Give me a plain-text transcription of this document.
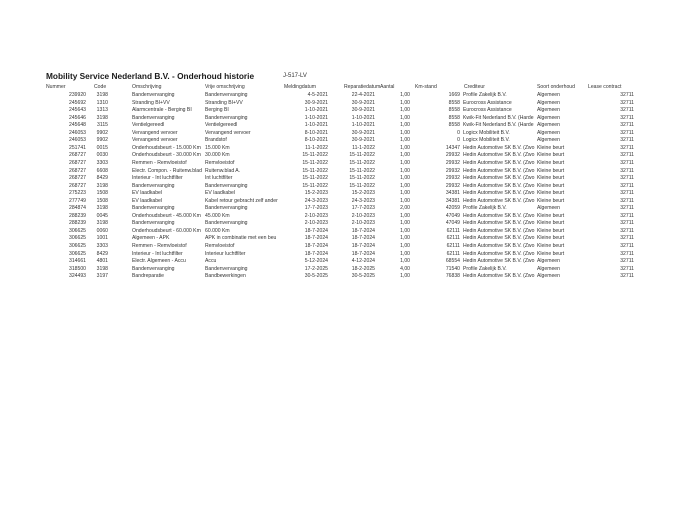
Mobility Service Nederland B.V. - Onderhoud historie	J-517-LV
Nummer	Code	Omschrijving	Vrije omschrijving	Meldingdatum	Reparatiedatum Aantal	Km-stand	Crediteur	Soort onderhoud	Lease contract
239920	3198	Bandenvervanging	Bandenvervanging	4-5-2021	22-4-2021	1,00	1669 Profile Zakelijk B.V.	Algemeen	32711
245692	1310	Stranding BI+VV	Stranding BI+VV	30-9-2021	30-9-2021	1,00	8558 Eurocross Assistance	Algemeen	32711
245643	1313	Alarmcentrale - Berging BI	Berging BI	1-10-2021	30-9-2021	1,00	8558 Eurocross Assistance	Algemeen	32711
245646	3198	Bandenvervanging	Bandenvervanging	1-10-2021	1-10-2021	1,00	8558 Kwik-Fit Nederland B.V. (Harde Algemeen	32711
245648	3115	Ventielgereedl	Ventielgereedl	1-10-2021	1-10-2021	1,00	8558 Kwik-Fit Nederland B.V. (Harde Algemeen	32711
246053	9902	Vervangend vervoer	Vervangend vervoer	8-10-2021	30-9-2021	1,00	0 Logicx Mobiliteit B.V.	Algemeen	32711
246053	9902	Vervangend vervoer	Brandstof	8-10-2021	30-9-2021	1,00	0 Logicx Mobiliteit B.V.	Algemeen	32711
251741	0015	Onderhoudsbeurt - 15.000 Km 15.000 Km	11-1-2022	11-1-2022	1,00	14347 Hedin Automotive SK B.V. (Zwo Kleine beurt	32711
268727	0030	Onderhoudsbeurt - 30.000 Km 30.000 Km	15-11-2022	15-11-2022	1,00	29932 Hedin Automotive SK B.V. (Zwo Kleine beurt	32711
268727	3303	Remmen - Remvloeistof	Remvloeistof	15-11-2022	15-11-2022	1,00	29932 Hedin Automotive SK B.V. (Zwo Kleine beurt	32711
268727	6608	Electr. Compon. - Ruitenw.blad Ruitenw.blad A.	15-11-2022	15-11-2022	1,00	29932 Hedin Automotive SK B.V. (Zwo Kleine beurt	32711
268727	8429	Interieur - Int luchtfilter	Int luchtfilter	15-11-2022	15-11-2022	1,00	29932 Hedin Automotive SK B.V. (Zwo Kleine beurt	32711
268727	3198	Bandenvervanging	Bandenvervanging	15-11-2022	15-11-2022	1,00	29932 Hedin Automotive SK B.V. (Zwo Kleine beurt	32711
275223	1508	EV laadkabel	EV laadkabel	15-2-2023	15-2-2023	1,00	34381 Hedin Automotive SK B.V. (Zwo Kleine beurt	32711
277749	1508	EV laadkabel	Kabel retour gebracht zelf ander	24-3-2023	24-3-2023	1,00	34381 Hedin Automotive SK B.V. (Zwo Kleine beurt	32711
284874	3198	Bandenvervanging	Bandenvervanging	17-7-2023	17-7-2023	2,00	42059 Profile Zakelijk B.V.	Algemeen	32711
288239	0045	Onderhoudsbeurt - 45.000 Km 45.000 Km	2-10-2023	2-10-2023	1,00	47049 Hedin Automotive SK B.V. (Zwo Kleine beurt	32711
288239	3198	Bandenvervanging	Bandenvervanging	2-10-2023	2-10-2023	1,00	47049 Hedin Automotive SK B.V. (Zwo Kleine beurt	32711
306625	0060	Onderhoudsbeurt - 60.000 Km 60.000 Km	18-7-2024	18-7-2024	1,00	62111 Hedin Automotive SK B.V. (Zwo Kleine beurt	32711
306625	1001	Algemeen - APK	APK in combinatie met een beu	18-7-2024	18-7-2024	1,00	62111 Hedin Automotive SK B.V. (Zwo Kleine beurt	32711
306625	3303	Remmen - Remvloeistof	Remvloeistof	18-7-2024	18-7-2024	1,00	62111 Hedin Automotive SK B.V. (Zwo Kleine beurt	32711
306625	8429	Interieur - Int luchtfilter	Interieur luchtfilter	18-7-2024	18-7-2024	1,00	62111 Hedin Automotive SK B.V. (Zwo Kleine beurt	32711
314661	4801	Electr. Algemeen - Accu	Accu	5-12-2024	4-12-2024	1,00	68554 Hedin Automotive SK B.V. (Zwo Algemeen	32711
318500	3198	Bandenvervanging	Bandenvervanging	17-2-2025	18-2-2025	4,00	71540 Profile Zakelijk B.V.	Algemeen	32711
324493	3197	Bandreparatie	Bandbewerkingen	30-5-2025	30-5-2025	1,00	76838 Hedin Automotive SK B.V. (Zwo Algemeen	32711
